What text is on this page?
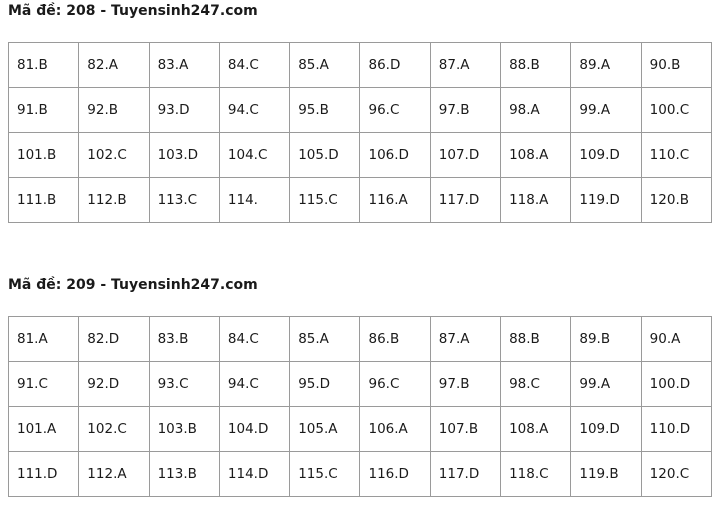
Mã đề: 208 - Tuyensinh247.com
81.B	82.A	83.A	84.C	85.A	86.D	87.A	88.B	89.A	90.B
91.B	92.B	93.D	94.C	95.B	96.C	97.B	98.A	99.A	100.C
101.B	102.C	103.D	104.C	105.D	106.D	107.D	108.A	109.D	110.C
111.B	112.B	113.C	114.	115.C	116.A	117.D	118.A	119.D	120.B
Mã đề: 209 - Tuyensinh247.com
81.A	82.D	83.B	84.C	85.A	86.B	87.A	88.B	89.B	90.A
91.C	92.D	93.C	94.C	95.D	96.C	97.B	98.C	99.A	100.D
101.A	102.C	103.B	104.D	105.A	106.A	107.B	108.A	109.D	110.D
111.D	112.A	113.B	114.D	115.C	116.D	117.D	118.C	119.B	120.C
